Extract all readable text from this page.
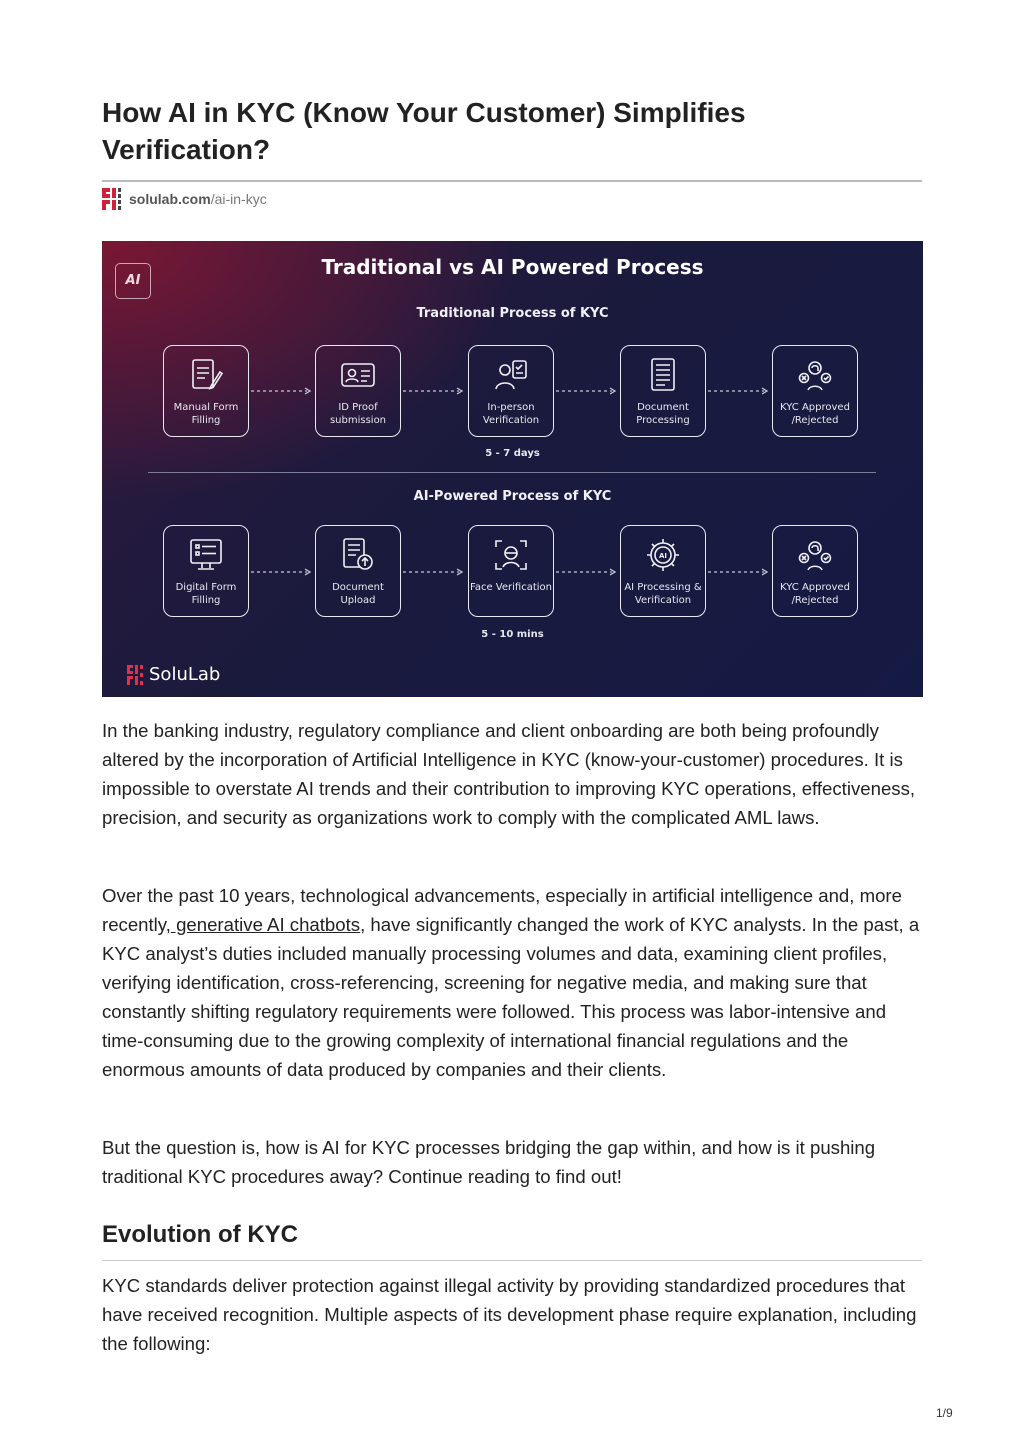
How AI in KYC (Know Your Customer) Simplifies Verification?
solulab.com/ai-in-kyc
AI
Traditional vs AI Powered Process
Traditional Process of KYC
Manual Form Filling
ID Proof submission
In-person Verification
Document Processing
KYC Approved /Rejected
5 - 7 days
AI-Powered Process of KYC
Digital Form Filling
Document Upload
Face Verification
AI
AI Processing & Verification
KYC Approved /Rejected
5 - 10 mins
SoluLab

In the banking industry, regulatory compliance and client onboarding are both being profoundly altered by the incorporation of Artificial Intelligence in KYC (know-your-customer) procedures. It is impossible to overstate AI trends and their contribution to improving KYC operations, effectiveness, precision, and security as organizations work to comply with the complicated AML laws.

Over the past 10 years, technological advancements, especially in artificial intelligence and, more recently, generative AI chatbots, have significantly changed the work of KYC analysts. In the past, a KYC analyst’s duties included manually processing volumes and data, examining client profiles, verifying identification, cross-referencing, screening for negative media, and making sure that constantly shifting regulatory requirements were followed. This process was labor-intensive and time-consuming due to the growing complexity of international financial regulations and the enormous amounts of data produced by companies and their clients.

But the question is, how is AI for KYC processes bridging the gap within, and how is it pushing traditional KYC procedures away? Continue reading to find out!

Evolution of KYC

KYC standards deliver protection against illegal activity by providing standardized procedures that have received recognition. Multiple aspects of its development phase require explanation, including the following:

1/9
